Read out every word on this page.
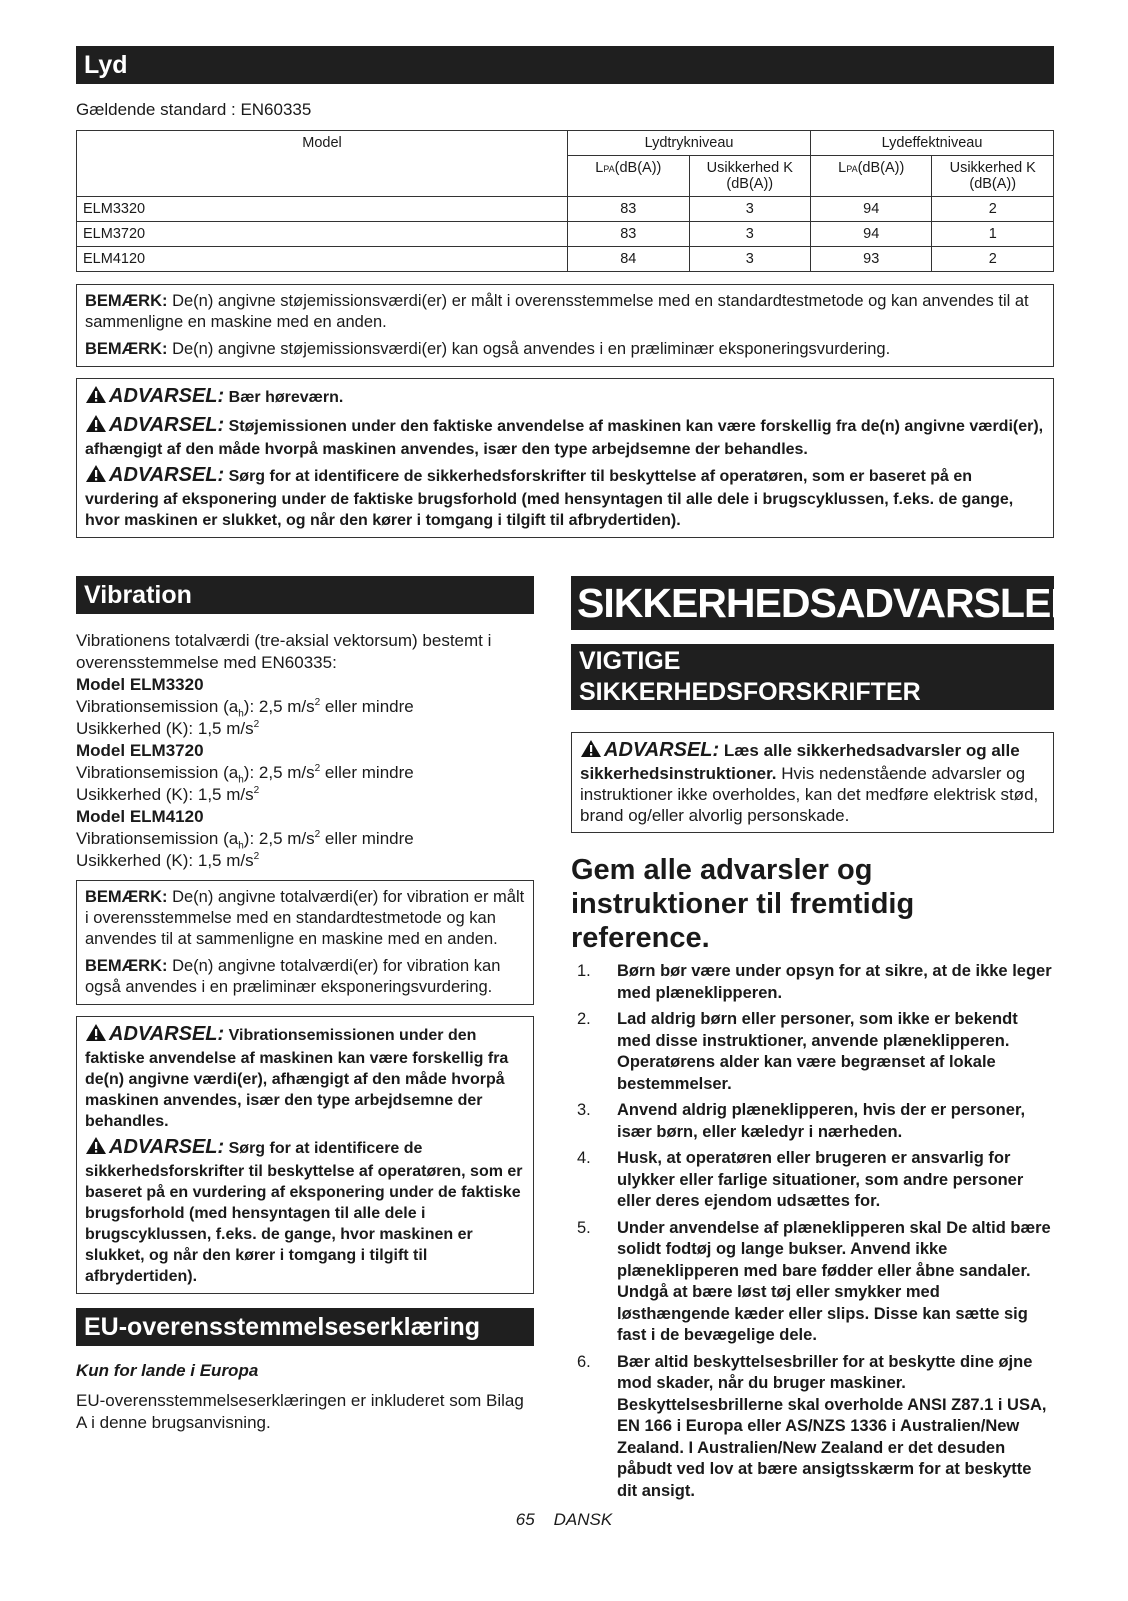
Lyd
Gældende standard : EN60335
Model	Lydtrykniveau		Lydeffektniveau	
	LPA(dB(A))	Usikkerhed K (dB(A))	LPA(dB(A))	Usikkerhed K (dB(A))
ELM3320	83	3	94	2
ELM3720	83	3	94	1
ELM4120	84	3	93	2

BEMÆRK: De(n) angivne støjemissionsværdi(er) er målt i overensstemmelse med en standardtestmetode og kan anvendes til at sammenligne en maskine med en anden.

BEMÆRK: De(n) angivne støjemissionsværdi(er) kan også anvendes i en præliminær eksponeringsvurdering.

ADVARSEL: Bær høreværn.

ADVARSEL: Støjemissionen under den faktiske anvendelse af maskinen kan være forskellig fra de(n) angivne værdi(er), afhængigt af den måde hvorpå maskinen anvendes, især den type arbejdsemne der behandles.

ADVARSEL: Sørg for at identificere de sikkerhedsforskrifter til beskyttelse af operatøren, som er baseret på en vurdering af eksponering under de faktiske brugsforhold (med hensyntagen til alle dele i brugscyklussen, f.eks. de gange, hvor maskinen er slukket, og når den kører i tomgang i tilgift til afbrydertiden).

Vibration

Vibrationens totalværdi (tre-aksial vektorsum) bestemt i overensstemmelse med EN60335:

Model ELM3320

Vibrationsemission $(a_h)$: 2,5 $m/s^2$ eller mindre

Usikkerhed (K): 1,5 $m/s^2$

Model ELM3720

Vibrationsemission $(a_h)$: 2,5 $m/s^2$ eller mindre

Usikkerhed (K): 1,5 $m/s^2$

Model ELM4120

Vibrationsemission $(a_h)$: 2,5 $m/s^2$ eller mindre

Usikkerhed (K): 1,5 $m/s^2$

BEMÆRK: De(n) angivne totalværdi(er) for vibration er målt i overensstemmelse med en standardtestmetode og kan anvendes til at sammenligne en maskine med en anden.

BEMÆRK: De(n) angivne totalværdi(er) for vibration kan også anvendes i en præliminær eksponeringsvurdering.

ADVARSEL: Vibrationsemissionen under den faktiske anvendelse af maskinen kan være forskellig fra de(n) angivne værdi(er), afhængigt af den måde hvorpå maskinen anvendes, især den type arbejdsemne der behandles.

ADVARSEL: Sørg for at identificere de sikkerhedsforskrifter til beskyttelse af operatøren, som er baseret på en vurdering af eksponering under de faktiske brugsforhold (med hensyntagen til alle dele i brugscyklussen, f.eks. de gange, hvor maskinen er slukket, og når den kører i tomgang i tilgift til afbrydertiden).

EU-overensstemmelseserklæring

Kun for lande i Europa

EU-overensstemmelseserklæringen er inkluderet som Bilag A i denne brugsanvisning.

SIKKERHEDSADVARSLER
VIGTIGE
SIKKERHEDSFORSKRIFTER

ADVARSEL: Læs alle sikkerhedsadvarsler og alle sikkerhedsinstruktioner. Hvis nedenstående advarsler og instruktioner ikke overholdes, kan det medføre elektrisk stød, brand og/eller alvorlig personskade.

Gem alle advarsler og instruktioner til fremtidig reference.
1. Børn bør være under opsyn for at sikre, at de ikke leger med plæneklipperen.
2. Lad aldrig børn eller personer, som ikke er bekendt med disse instruktioner, anvende plæneklipperen. Operatørens alder kan være begrænset af lokale bestemmelser.
3. Anvend aldrig plæneklipperen, hvis der er personer, især børn, eller kæledyr i nærheden.
4. Husk, at operatøren eller brugeren er ansvarlig for ulykker eller farlige situationer, som andre personer eller deres ejendom udsættes for.
5. Under anvendelse af plæneklipperen skal De altid bære solidt fodtøj og lange bukser. Anvend ikke plæneklipperen med bare fødder eller åbne sandaler. Undgå at bære løst tøj eller smykker med løsthængende kæder eller slips. Disse kan sætte sig fast i de bevægelige dele.
6. Bær altid beskyttelsesbriller for at beskytte dine øjne mod skader, når du bruger maskiner. Beskyttelsesbrillerne skal overholde ANSI Z87.1 i USA, EN 166 i Europa eller AS/NZS 1336 i Australien/New Zealand. I Australien/New Zealand er det desuden påbudt ved lov at bære ansigtsskærm for at beskytte dit ansigt.
65 DANSK
